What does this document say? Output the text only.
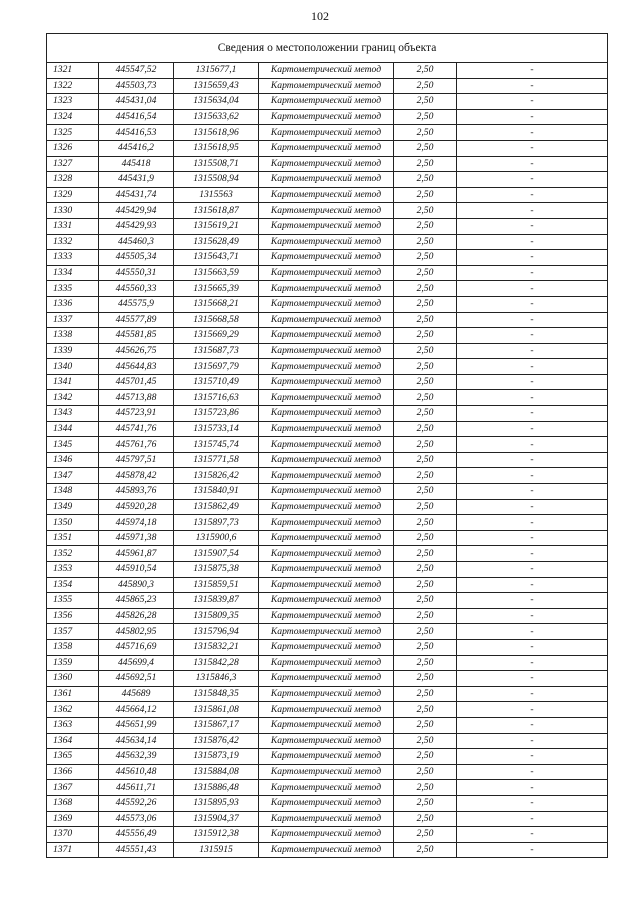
102
Сведения о местоположении границ объекта
1321	445547,52	1315677,1	Картометрический метод	2,50	-
1322	445503,73	1315659,43	Картометрический метод	2,50	-
1323	445431,04	1315634,04	Картометрический метод	2,50	-
1324	445416,54	1315633,62	Картометрический метод	2,50	-
1325	445416,53	1315618,96	Картометрический метод	2,50	-
1326	445416,2	1315618,95	Картометрический метод	2,50	-
1327	445418	1315508,71	Картометрический метод	2,50	-
1328	445431,9	1315508,94	Картометрический метод	2,50	-
1329	445431,74	1315563	Картометрический метод	2,50	-
1330	445429,94	1315618,87	Картометрический метод	2,50	-
1331	445429,93	1315619,21	Картометрический метод	2,50	-
1332	445460,3	1315628,49	Картометрический метод	2,50	-
1333	445505,34	1315643,71	Картометрический метод	2,50	-
1334	445550,31	1315663,59	Картометрический метод	2,50	-
1335	445560,33	1315665,39	Картометрический метод	2,50	-
1336	445575,9	1315668,21	Картометрический метод	2,50	-
1337	445577,89	1315668,58	Картометрический метод	2,50	-
1338	445581,85	1315669,29	Картометрический метод	2,50	-
1339	445626,75	1315687,73	Картометрический метод	2,50	-
1340	445644,83	1315697,79	Картометрический метод	2,50	-
1341	445701,45	1315710,49	Картометрический метод	2,50	-
1342	445713,88	1315716,63	Картометрический метод	2,50	-
1343	445723,91	1315723,86	Картометрический метод	2,50	-
1344	445741,76	1315733,14	Картометрический метод	2,50	-
1345	445761,76	1315745,74	Картометрический метод	2,50	-
1346	445797,51	1315771,58	Картометрический метод	2,50	-
1347	445878,42	1315826,42	Картометрический метод	2,50	-
1348	445893,76	1315840,91	Картометрический метод	2,50	-
1349	445920,28	1315862,49	Картометрический метод	2,50	-
1350	445974,18	1315897,73	Картометрический метод	2,50	-
1351	445971,38	1315900,6	Картометрический метод	2,50	-
1352	445961,87	1315907,54	Картометрический метод	2,50	-
1353	445910,54	1315875,38	Картометрический метод	2,50	-
1354	445890,3	1315859,51	Картометрический метод	2,50	-
1355	445865,23	1315839,87	Картометрический метод	2,50	-
1356	445826,28	1315809,35	Картометрический метод	2,50	-
1357	445802,95	1315796,94	Картометрический метод	2,50	-
1358	445716,69	1315832,21	Картометрический метод	2,50	-
1359	445699,4	1315842,28	Картометрический метод	2,50	-
1360	445692,51	1315846,3	Картометрический метод	2,50	-
1361	445689	1315848,35	Картометрический метод	2,50	-
1362	445664,12	1315861,08	Картометрический метод	2,50	-
1363	445651,99	1315867,17	Картометрический метод	2,50	-
1364	445634,14	1315876,42	Картометрический метод	2,50	-
1365	445632,39	1315873,19	Картометрический метод	2,50	-
1366	445610,48	1315884,08	Картометрический метод	2,50	-
1367	445611,71	1315886,48	Картометрический метод	2,50	-
1368	445592,26	1315895,93	Картометрический метод	2,50	-
1369	445573,06	1315904,37	Картометрический метод	2,50	-
1370	445556,49	1315912,38	Картометрический метод	2,50	-
1371	445551,43	1315915	Картометрический метод	2,50	-
